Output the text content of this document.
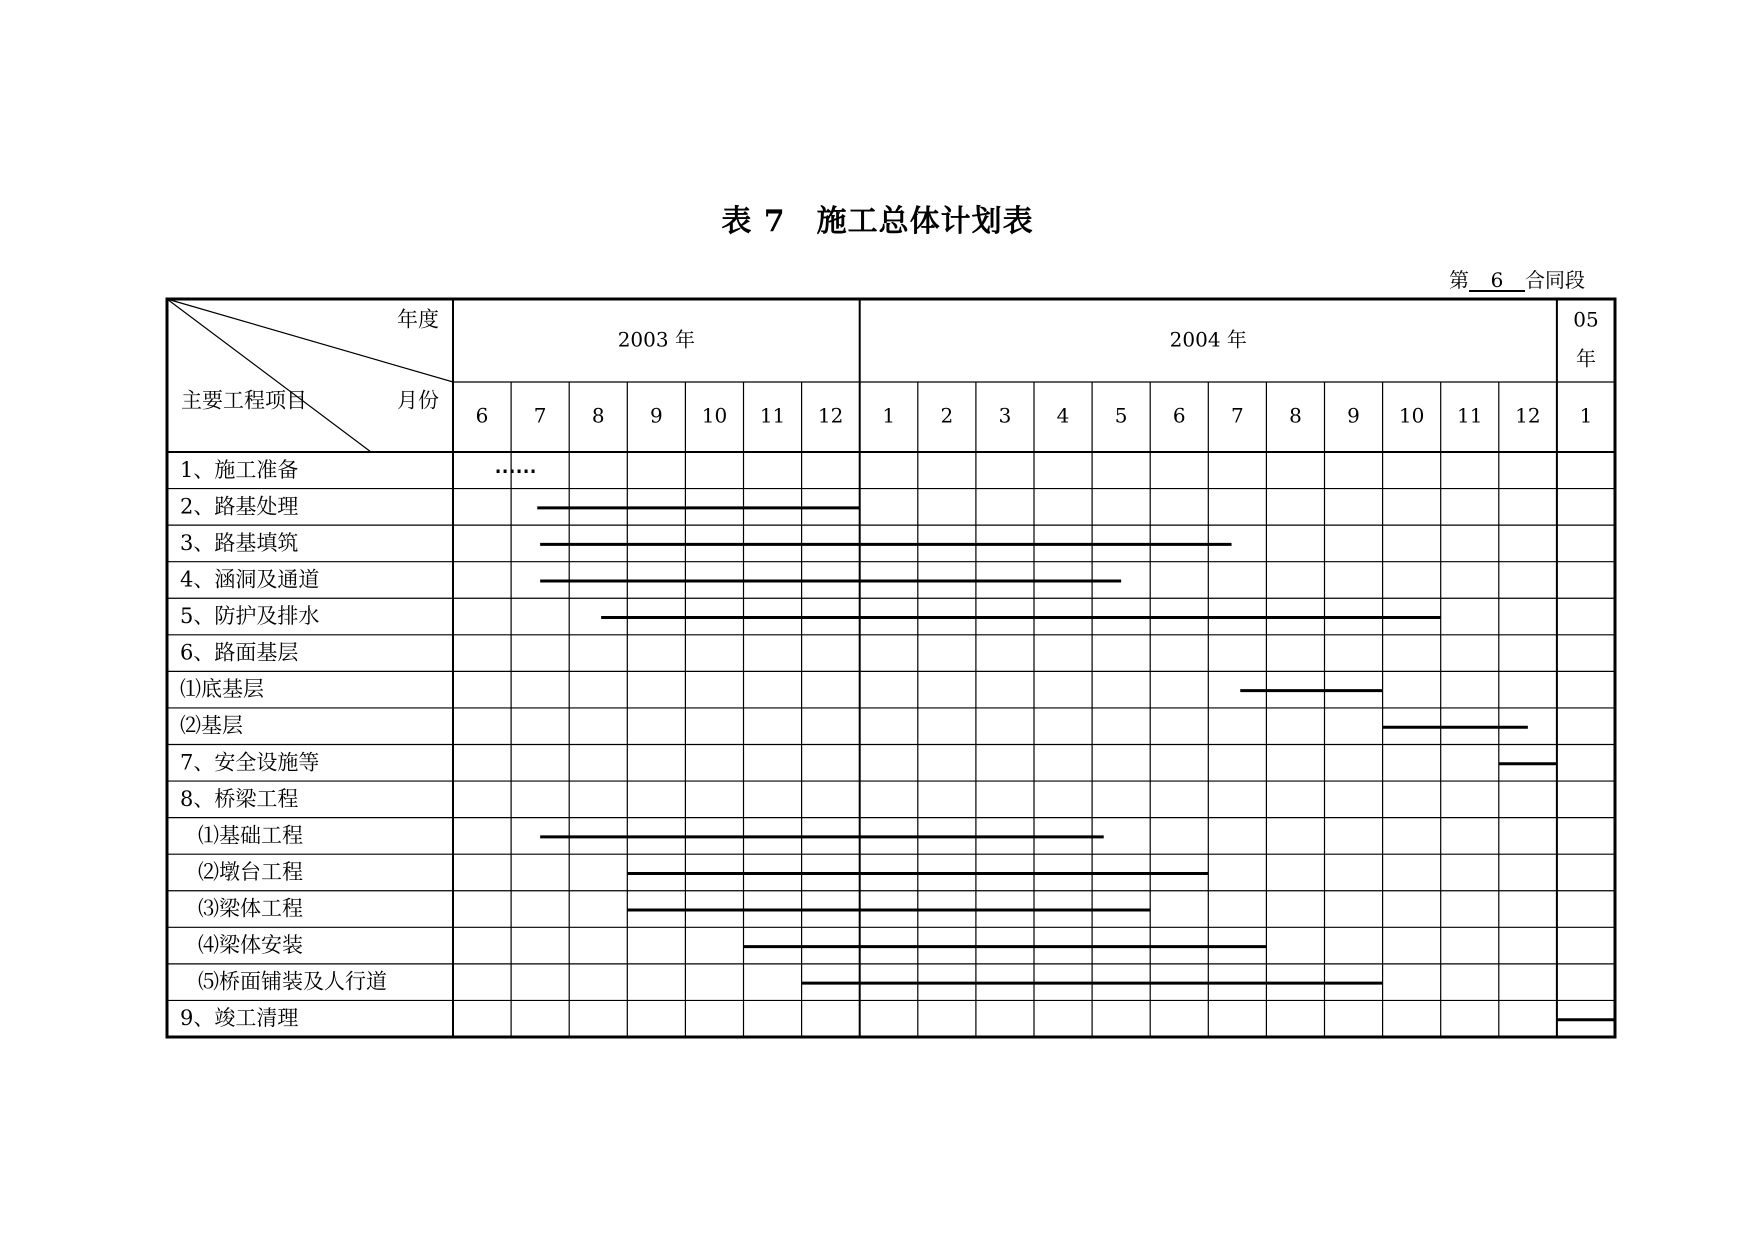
表 7　施工总体计划表
第 6 合同段
年度
月份
主要工程项目
2003 年	2004 年
05
年
6 7 8 9 10 11 12 1 2 3 4 5 6 7 8 9 10 11 12 1
1、施工准备
2、路基处理
3、路基填筑
4、涵洞及通道
5、防护及排水
6、路面基层
⑴底基层
⑵基层
7、安全设施等
8、桥梁工程
⑴基础工程
⑵墩台工程
⑶梁体工程
⑷梁体安装
⑸桥面铺装及人行道
9、竣工清理
